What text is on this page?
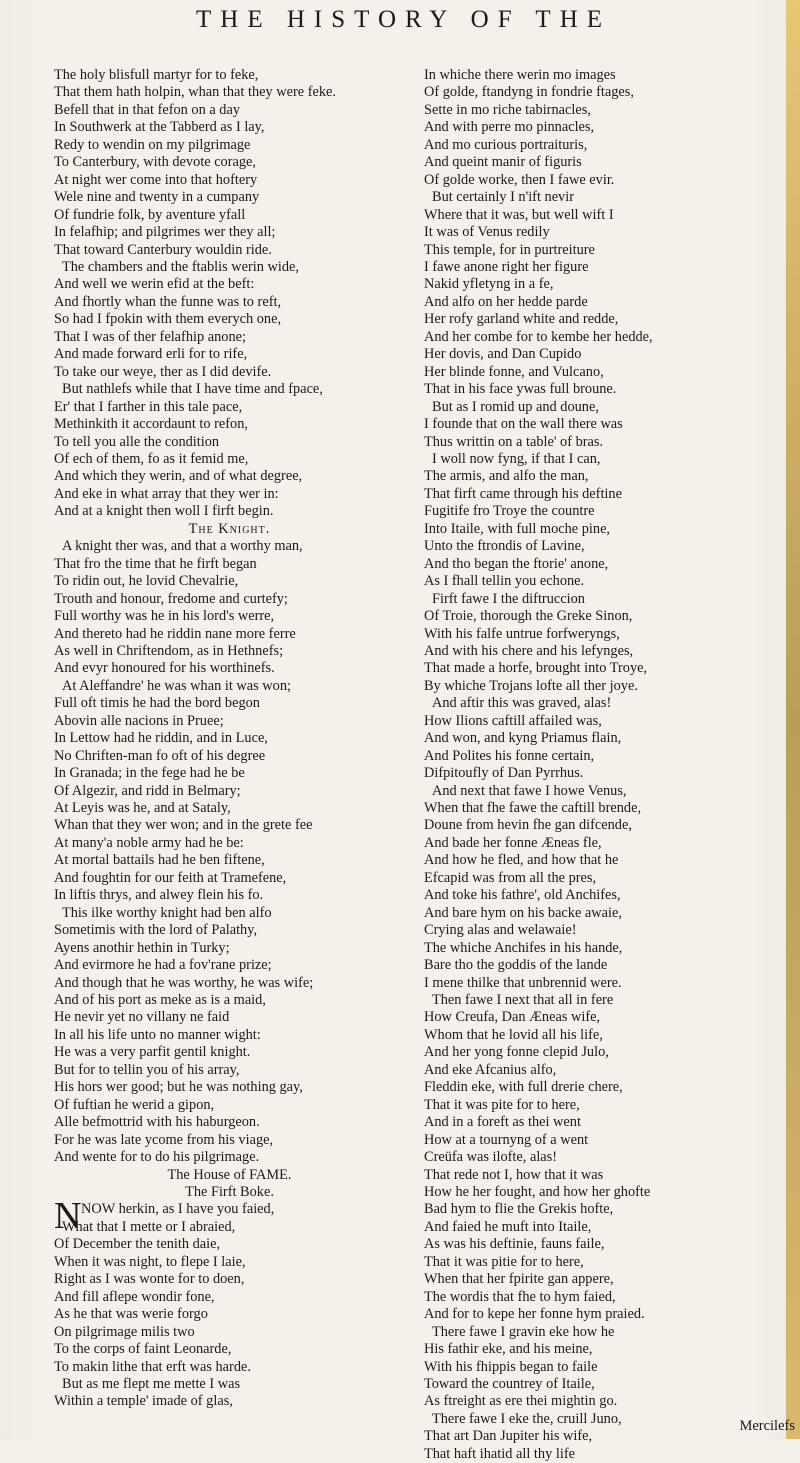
THE HISTORY OF THE
The holy blisfull martyr for to feke,
That them hath holpin, whan that they were feke.
Befell that in that fefon on a day
In Southwerk at the Tabberd as I lay,
Redy to wendin on my pilgrimage
To Canterbury, with devote corage,
At night wer come into that hoftery
Wele nine and twenty in a cumpany
Of fundrie folk, by aventure yfall
In felafhip; and pilgrimes wer they all;
That toward Canterbury wouldin ride.
The chambers and the ftablis werin wide,
And well we werin efid at the beft:
And fhortly whan the funne was to reft,
So had I fpokin with them everych one,
That I was of ther felafhip anone;
And made forward erli for to rife,
To take our weye, ther as I did devife.
But nathlefs while that I have time and fpace,
Er' that I farther in this tale pace,
Methinkith it accordaunt to refon,
To tell you alle the condition
Of ech of them, fo as it femid me,
And which they werin, and of what degree,
And eke in what array that they wer in:
And at a knight then woll I firft begin.
The Knight.
A knight ther was, and that a worthy man,
That fro the time that he firft began
To ridin out, he lovid Chevalrie,
Trouth and honour, fredome and curtefy;
Full worthy was he in his lord's werre,
And thereto had he riddin nane more ferre
As well in Chriftendom, as in Hethnefs;
And evyr honoured for his worthinefs.
At Aleffandre' he was whan it was won;
Full oft timis he had the bord begon
Abovin alle nacions in Pruee;
In Lettow had he riddin, and in Luce,
No Chriften-man fo oft of his degree
In Granada; in the fege had he be
Of Algezir, and ridd in Belmary;
At Leyis was he, and at Sataly,
Whan that they wer won; and in the grete fee
At many'a noble army had he be:
At mortal battails had he ben fiftene,
And foughtin for our feith at Tramefene,
In liftis thrys, and alwey flein his fo.
This ilke worthy knight had ben alfo
Sometimis with the lord of Palathy,
Ayens anothir hethin in Turky;
And evirmore he had a fov'rane prize;
And though that he was worthy, he was wife;
And of his port as meke as is a maid,
He nevir yet no villany ne faid
In all his life unto no manner wight:
He was a very parfit gentil knight.
But for to tellin you of his array,
His hors wer good; but he was nothing gay,
Of fuftian he werid a gipon,
Alle befmottrid with his haburgeon.
For he was late ycome from his viage,
And wente for to do his pilgrimage.
The House of FAME.
The Firft Boke.
N NOW herkin, as I have you faied,
What that I mette or I abraied,
Of December the tenith daie,
When it was night, to flepe I laie,
Right as I was wonte for to doen,
And fill aflepe wondir fone,
As he that was werie forgo
On pilgrimage milis two
To the corps of faint Leonarde,
To makin lithe that erft was harde.
But as me flept me mette I was
Within a temple' imade of glas,
In whiche there werin mo images
Of golde, ftandyng in fondrie ftages,
Sette in mo riche tabirnacles,
And with perre mo pinnacles,
And mo curious portraituris,
And queint manir of figuris
Of golde worke, then I fawe evir.
But certainly I n'ift nevir
Where that it was, but well wift I
It was of Venus redily
This temple, for in purtreiture
I fawe anone right her figure
Nakid yfletyng in a fe,
And alfo on her hedde parde
Her rofy garland white and redde,
And her combe for to kembe her hedde,
Her dovis, and Dan Cupido
Her blinde fonne, and Vulcano,
That in his face ywas full broune.
But as I romid up and doune,
I founde that on the wall there was
Thus writtin on a table' of bras.
I woll now fyng, if that I can,
The armis, and alfo the man,
That firft came through his deftine
Fugitife fro Troye the countre
Into Itaile, with full moche pine,
Unto the ftrondis of Lavine,
And tho began the ftorie' anone,
As I fhall tellin you echone.
Firft fawe I the diftruccion
Of Troie, thorough the Greke Sinon,
With his falfe untrue forfweryngs,
And with his chere and his lefynges,
That made a horfe, brought into Troye,
By whiche Trojans lofte all ther joye.
And aftir this was graved, alas!
How Ilions caftill affailed was,
And won, and kyng Priamus flain,
And Polites his fonne certain,
Difpitoufly of Dan Pyrrhus.
And next that fawe I howe Venus,
When that fhe fawe the caftill brende,
Doune from hevin fhe gan difcende,
And bade her fonne Æneas fle,
And how he fled, and how that he
Efcapid was from all the pres,
And toke his fathre', old Anchifes,
And bare hym on his backe awaie,
Crying alas and welawaie!
The whiche Anchifes in his hande,
Bare tho the goddis of the lande
I mene thilke that unbrennid were.
Then fawe I next that all in fere
How Creufa, Dan Æneas wife,
Whom that he lovid all his life,
And her yong fonne clepid Julo,
And eke Afcanius alfo,
Fleddin eke, with full drerie chere,
That it was pite for to here,
And in a foreft as thei went
How at a tournyng of a went
Creüfa was iloftе, alas!
That rede not I, how that it was
How he her fought, and how her ghofte
Bad hym to flie the Grekis hofte,
And faied he muft into Itaile,
As was his deftinie, fauns faile,
That it was pitie for to here,
When that her fpirite gan appere,
The wordis that fhe to hym faied,
And for to kepe her fonne hym praied.
There fawe I gravin eke how he
His fathir eke, and his meine,
With his fhippis began to faile
Toward the countrey of Itaile,
As ftreight as ere thei mightin go.
There fawe I eke the, cruill Juno,
That art Dan Jupiter his wife,
That haft ihatid all thy life
Mercilefs
